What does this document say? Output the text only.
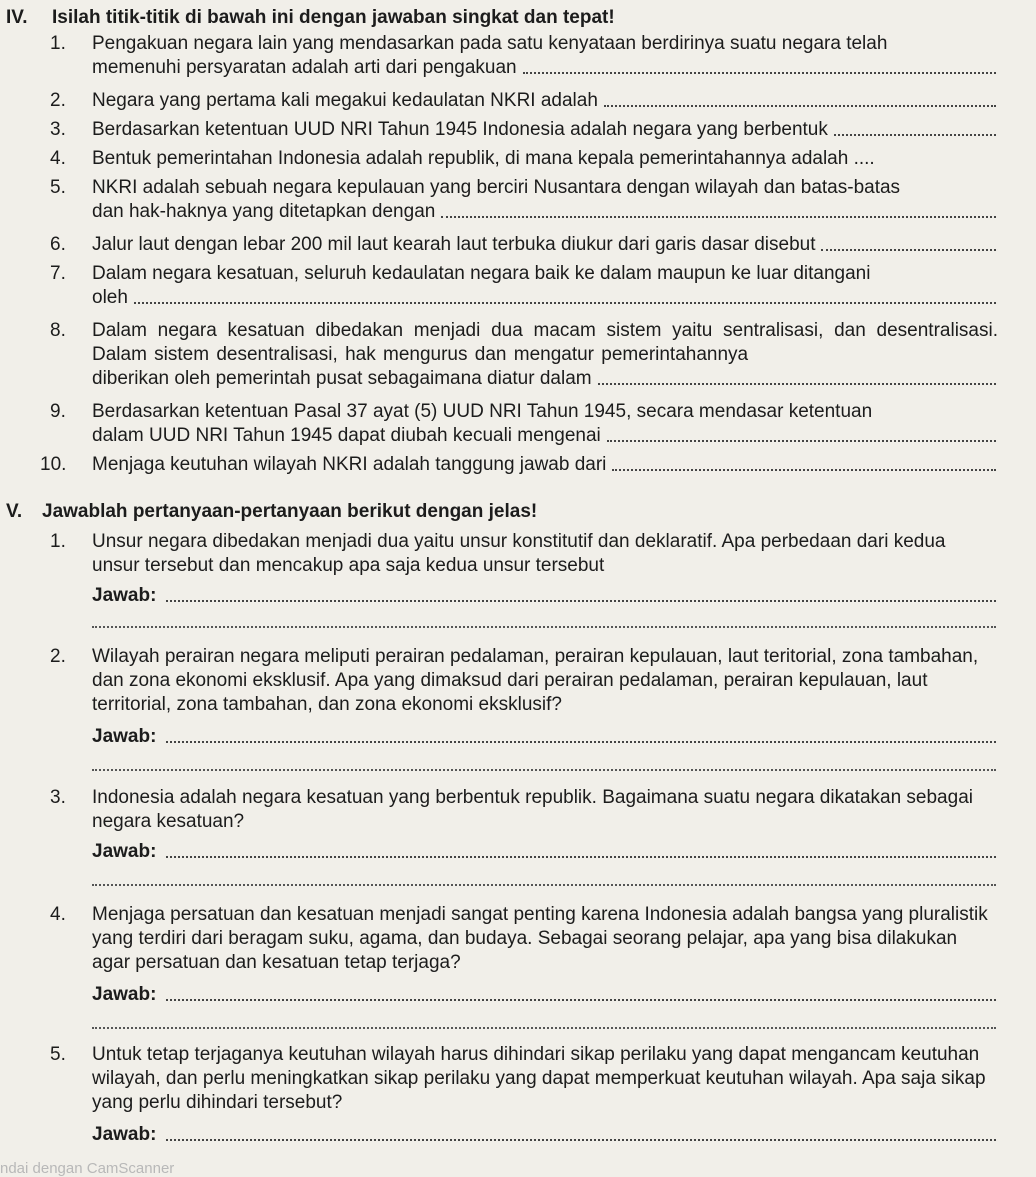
IV. Isilah titik-titik di bawah ini dengan jawaban singkat dan tepat!
1. Pengakuan negara lain yang mendasarkan pada satu kenyataan berdirinya suatu negara telah
memenuhi persyaratan adalah arti dari pengakuan
2. Negara yang pertama kali megakui kedaulatan NKRI adalah
3. Berdasarkan ketentuan UUD NRI Tahun 1945 Indonesia adalah negara yang berbentuk
4. Bentuk pemerintahan Indonesia adalah republik, di mana kepala pemerintahannya adalah ....
5. NKRI adalah sebuah negara kepulauan yang berciri Nusantara dengan wilayah dan batas-batas
dan hak-haknya yang ditetapkan dengan
6. Jalur laut dengan lebar 200 mil laut kearah laut terbuka diukur dari garis dasar disebut
7. Dalam negara kesatuan, seluruh kedaulatan negara baik ke dalam maupun ke luar ditangani
oleh
8. Dalam negara kesatuan dibedakan menjadi dua macam sistem yaitu sentralisasi, dan desentralisasi. Dalam sistem desentralisasi, hak mengurus dan mengatur pemerintahannya
diberikan oleh pemerintah pusat sebagaimana diatur dalam
9. Berdasarkan ketentuan Pasal 37 ayat (5) UUD NRI Tahun 1945, secara mendasar ketentuan
dalam UUD NRI Tahun 1945 dapat diubah kecuali mengenai
10. Menjaga keutuhan wilayah NKRI adalah tanggung jawab dari
V. Jawablah pertanyaan-pertanyaan berikut dengan jelas!
1. Unsur negara dibedakan menjadi dua yaitu unsur konstitutif dan deklaratif. Apa perbedaan dari kedua unsur tersebut dan mencakup apa saja kedua unsur tersebut
Jawab:
2. Wilayah perairan negara meliputi perairan pedalaman, perairan kepulauan, laut teritorial, zona tambahan, dan zona ekonomi eksklusif. Apa yang dimaksud dari perairan pedalaman, perairan kepulauan, laut territorial, zona tambahan, dan zona ekonomi eksklusif?
Jawab:
3. Indonesia adalah negara kesatuan yang berbentuk republik. Bagaimana suatu negara dikatakan sebagai negara kesatuan?
Jawab:
4. Menjaga persatuan dan kesatuan menjadi sangat penting karena Indonesia adalah bangsa yang pluralistik yang terdiri dari beragam suku, agama, dan budaya. Sebagai seorang pelajar, apa yang bisa dilakukan agar persatuan dan kesatuan tetap terjaga?
Jawab:
5. Untuk tetap terjaganya keutuhan wilayah harus dihindari sikap perilaku yang dapat mengancam keutuhan wilayah, dan perlu meningkatkan sikap perilaku yang dapat memperkuat keutuhan wilayah. Apa saja sikap yang perlu dihindari tersebut?
Jawab:
ndai dengan CamScanner
